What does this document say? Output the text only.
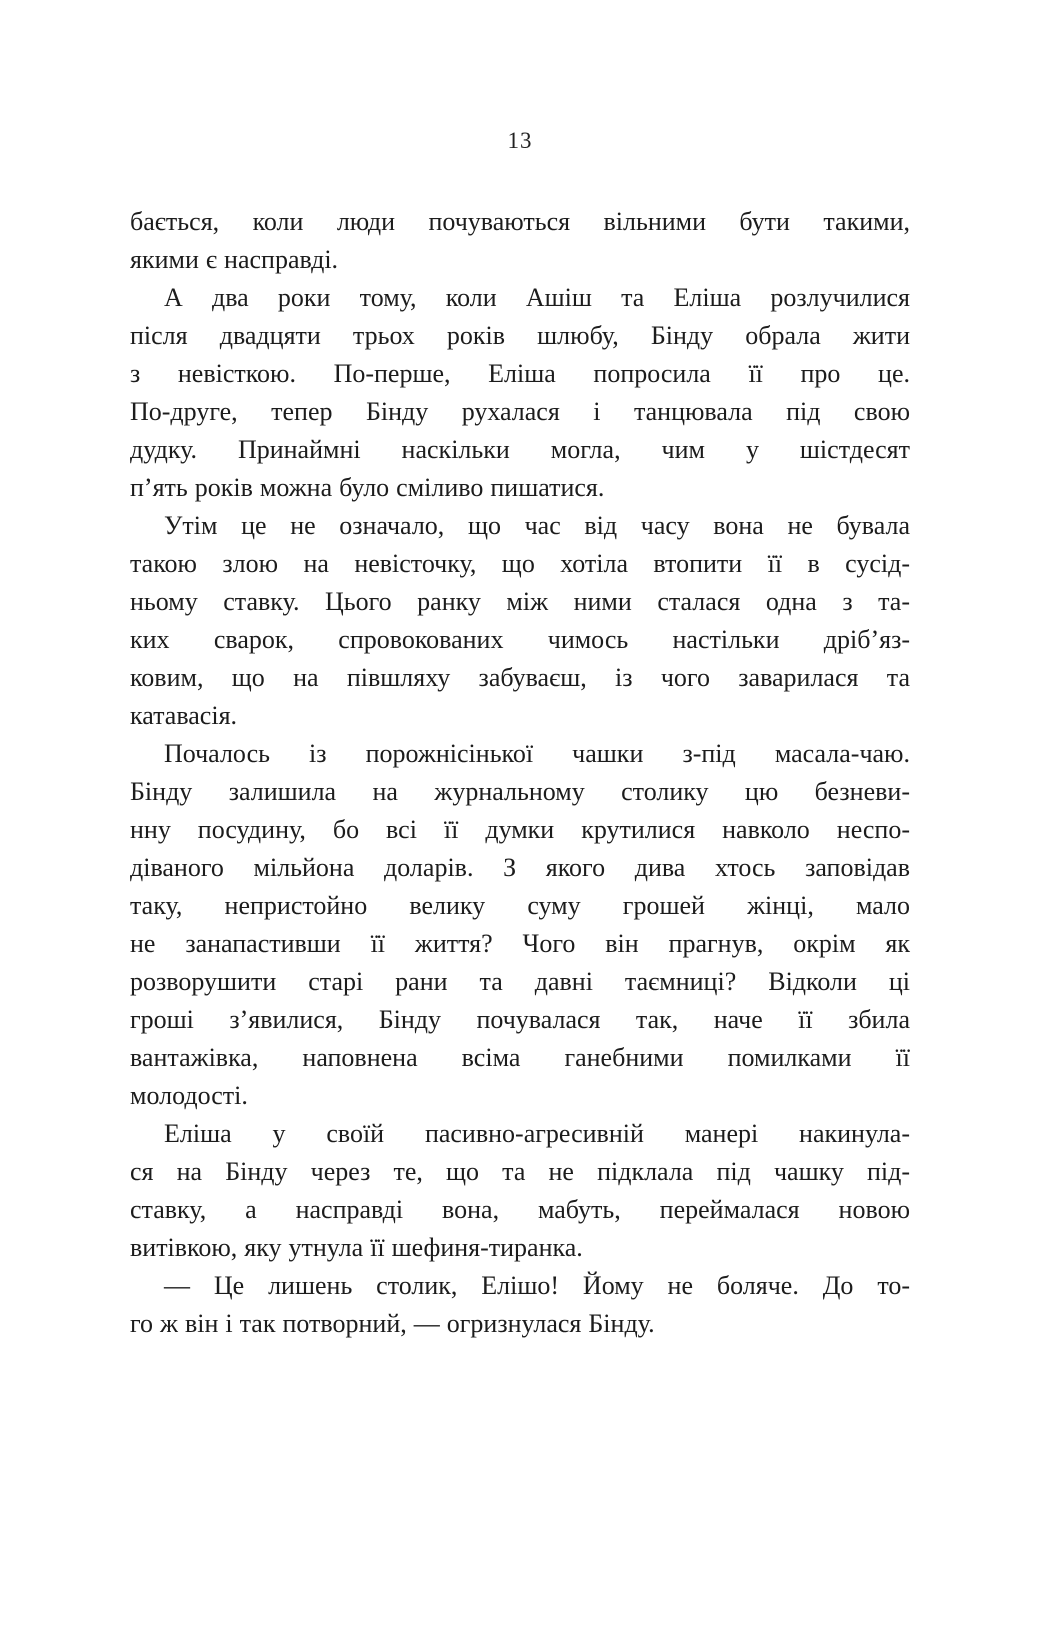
13
бається, коли люди почуваються вільними бути такими,
якими є насправді.
А два роки тому, коли Ашіш та Еліша розлучилися
після двадцяти трьох років шлюбу, Бінду обрала жити
з невісткою. По-перше, Еліша попросила її про це.
По-друге, тепер Бінду рухалася і танцювала під свою
дудку. Принаймні наскільки могла, чим у шістдесят
п’ять років можна було сміливо пишатися.
Утім це не означало, що час від часу вона не бувала
такою злою на невісточку, що хотіла втопити її в сусід-
ньому ставку. Цього ранку між ними сталася одна з та-
ких сварок, спровокованих чимось настільки дріб’яз-
ковим, що на півшляху забуваєш, із чого заварилася та
катавасія.
Почалось із порожнісінької чашки з-під масала-чаю.
Бінду залишила на журнальному столику цю безневи-
нну посудину, бо всі її думки крутилися навколо неспо-
діваного мільйона доларів. З якого дива хтось заповідав
таку, непристойно велику суму грошей жінці, мало
не занапастивши її життя? Чого він прагнув, окрім як
розворушити старі рани та давні таємниці? Відколи ці
гроші з’явилися, Бінду почувалася так, наче її збила
вантажівка, наповнена всіма ганебними помилками її
молодості.
Еліша у своїй пасивно-агресивній манері накинула-
ся на Бінду через те, що та не підклала під чашку під-
ставку, а насправді вона, мабуть, переймалася новою
витівкою, яку утнула її шефиня-тиранка.
— Це лишень столик, Елішо! Йому не боляче. До то-
го ж він і так потворний, — огризнулася Бінду.
